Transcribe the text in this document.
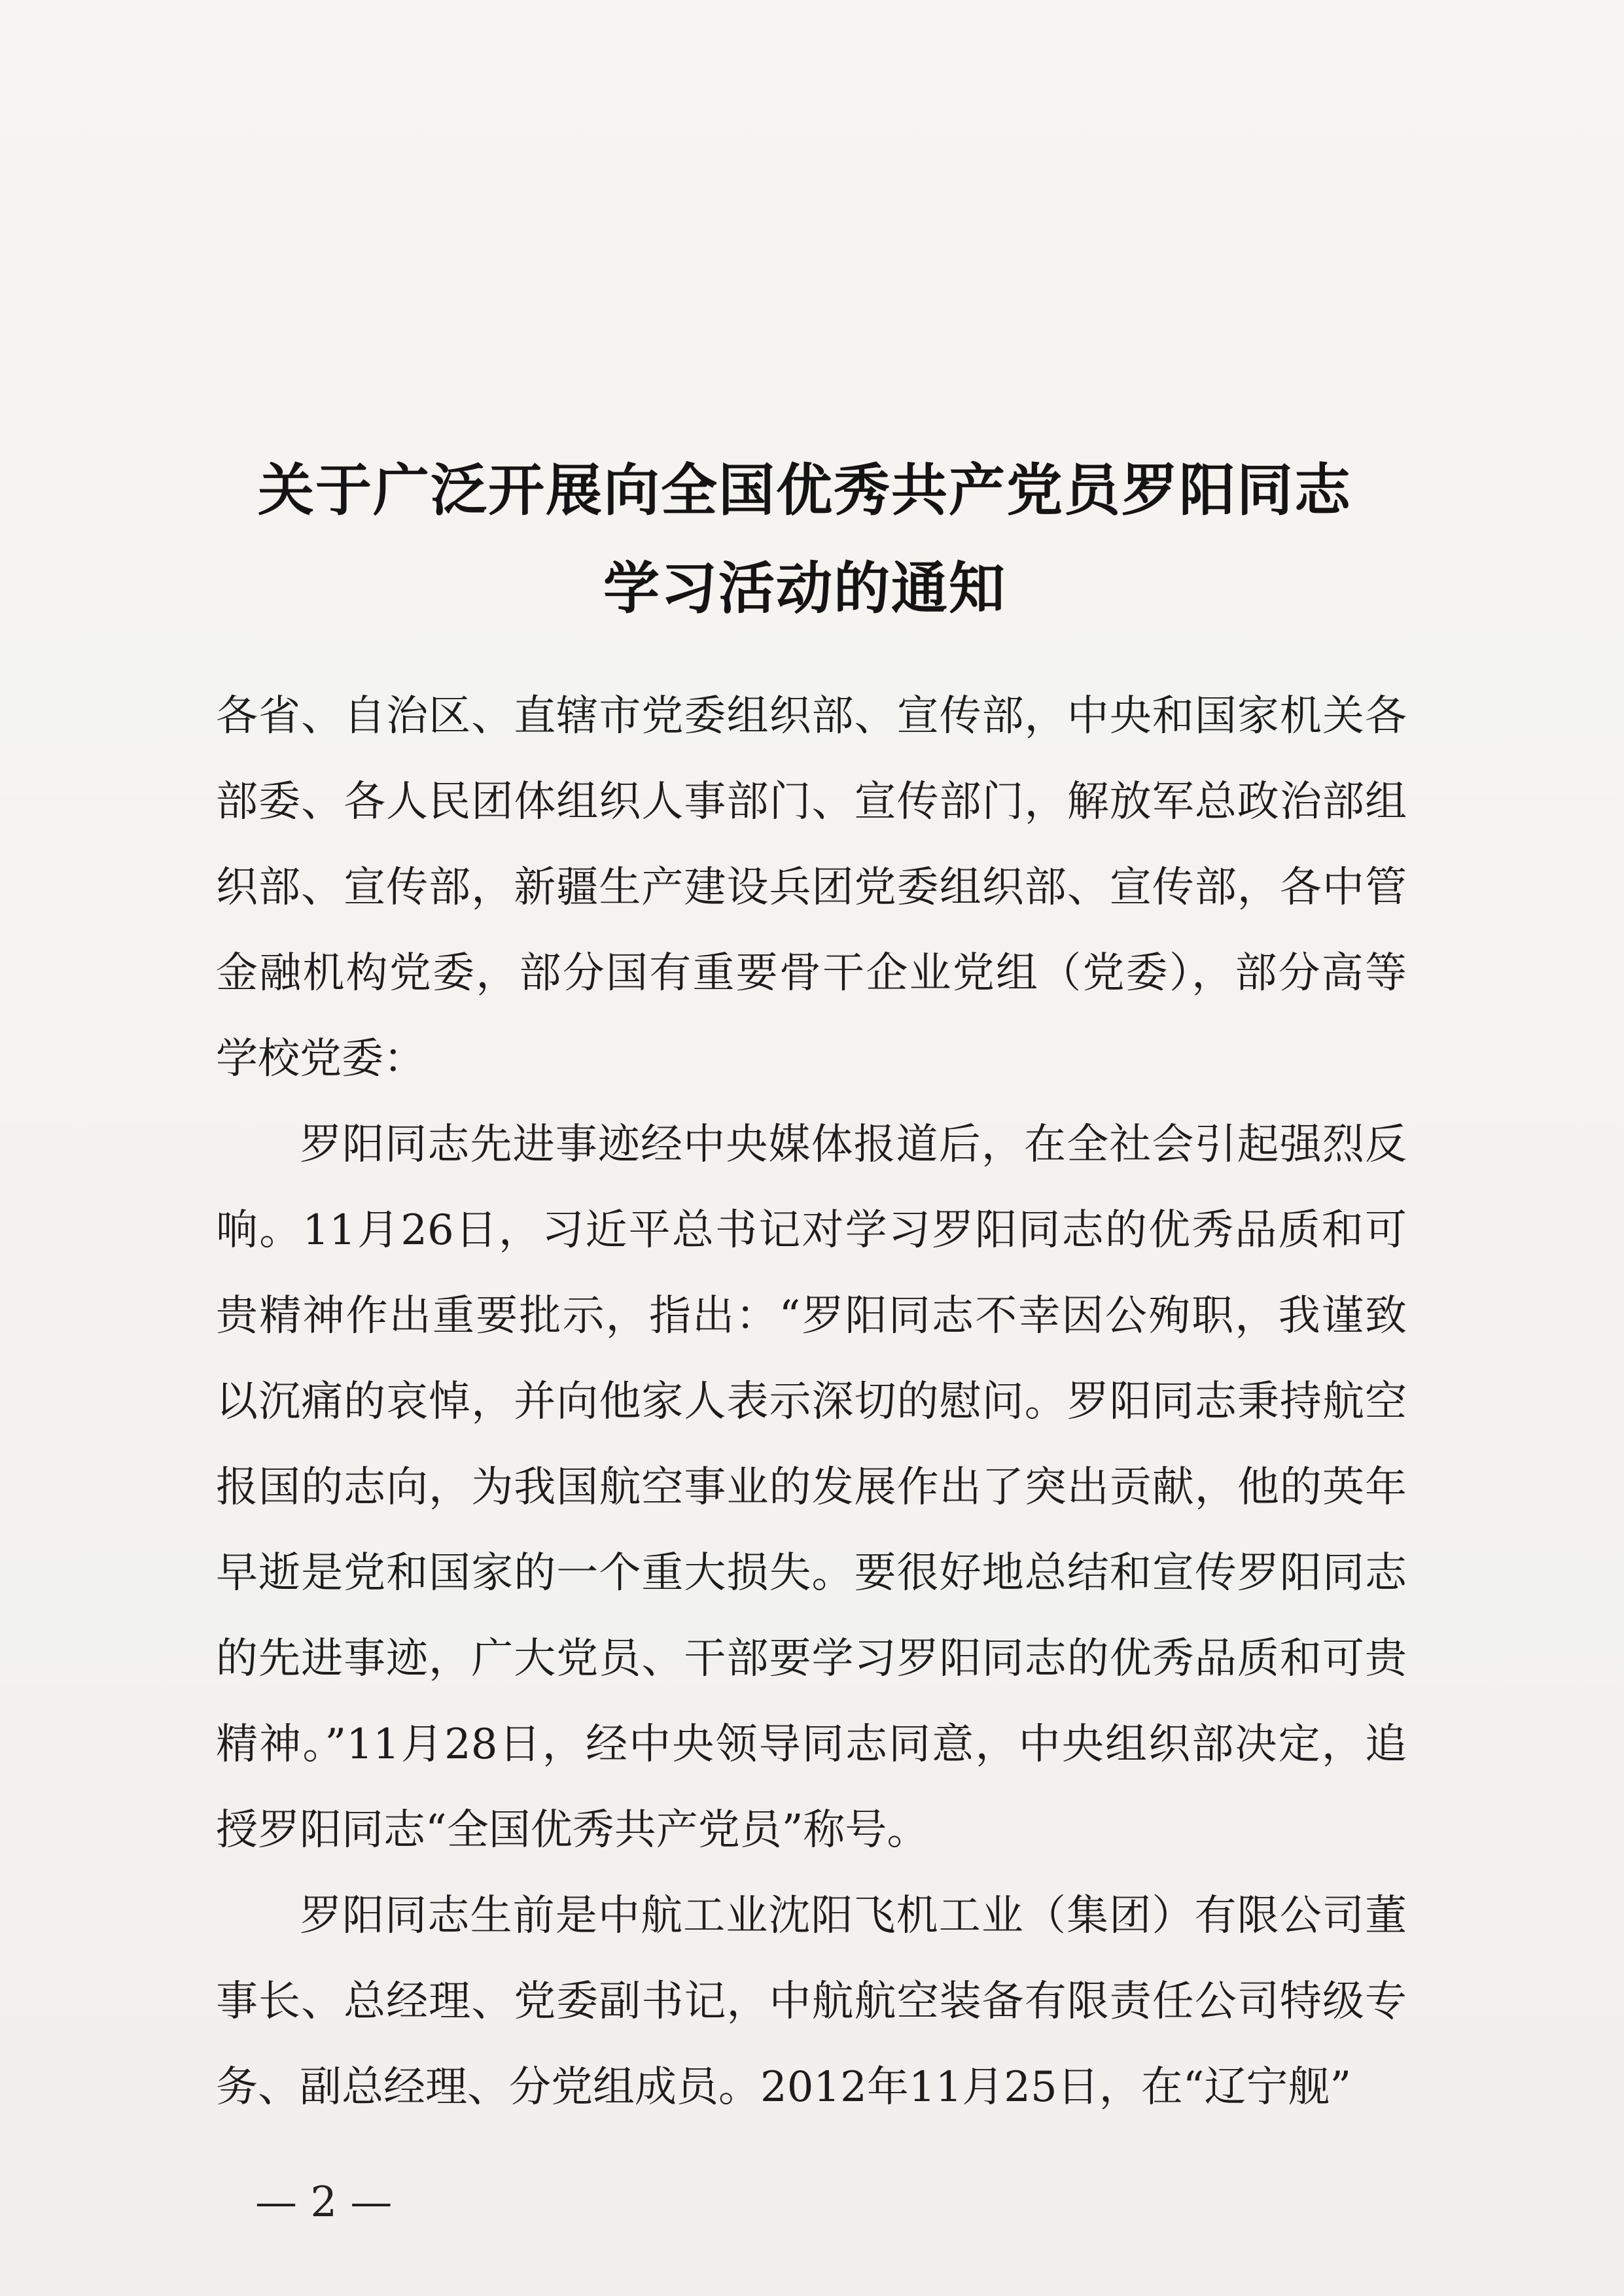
关于广泛开展向全国优秀共产党员罗阳同志
学习活动的通知

各省、自治区、直辖市党委组织部、宣传部，中央和国家机关各部委、各人民团体组织人事部门、宣传部门，解放军总政治部组织部、宣传部，新疆生产建设兵团党委组织部、宣传部，各中管金融机构党委，部分国有重要骨干企业党组（党委），部分高等学校党委：

罗阳同志先进事迹经中央媒体报道后，在全社会引起强烈反响。11月26日，习近平总书记对学习罗阳同志的优秀品质和可贵精神作出重要批示，指出：“罗阳同志不幸因公殉职，我谨致以沉痛的哀悼，并向他家人表示深切的慰问。罗阳同志秉持航空报国的志向，为我国航空事业的发展作出了突出贡献，他的英年早逝是党和国家的一个重大损失。要很好地总结和宣传罗阳同志的先进事迹，广大党员、干部要学习罗阳同志的优秀品质和可贵精神。”11月28日，经中央领导同志同意，中央组织部决定，追授罗阳同志“全国优秀共产党员”称号。

罗阳同志生前是中航工业沈阳飞机工业（集团）有限公司董事长、总经理、党委副书记，中航航空装备有限责任公司特级专务、副总经理、分党组成员。2012年11月25日，在“辽宁舰”

— 2 —
